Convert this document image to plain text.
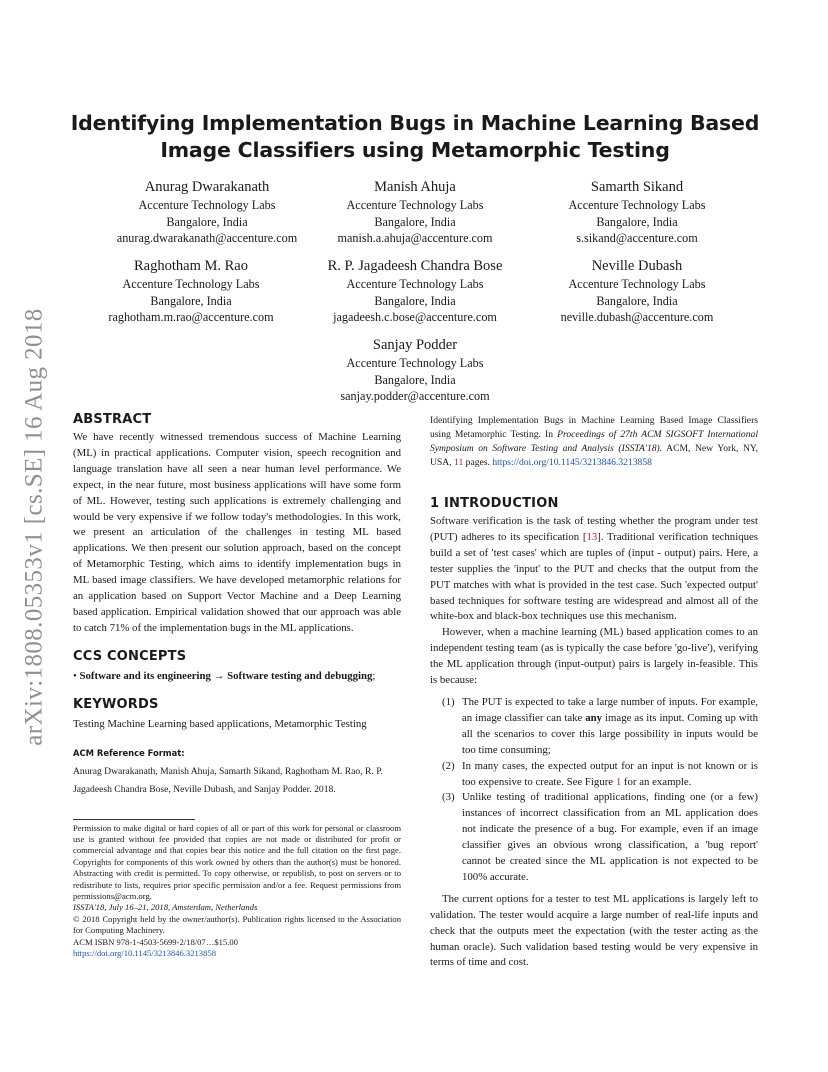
arXiv:1808.05353v1 [cs.SE] 16 Aug 2018
Identifying Implementation Bugs in Machine Learning Based
Image Classifiers using Metamorphic Testing
Anurag Dwarakanath
Accenture Technology Labs
Bangalore, India
anurag.dwarakanath@accenture.com
Manish Ahuja
Accenture Technology Labs
Bangalore, India
manish.a.ahuja@accenture.com
Samarth Sikand
Accenture Technology Labs
Bangalore, India
s.sikand@accenture.com
Raghotham M. Rao
Accenture Technology Labs
Bangalore, India
raghotham.m.rao@accenture.com
R. P. Jagadeesh Chandra Bose
Accenture Technology Labs
Bangalore, India
jagadeesh.c.bose@accenture.com
Neville Dubash
Accenture Technology Labs
Bangalore, India
neville.dubash@accenture.com
Sanjay Podder
Accenture Technology Labs
Bangalore, India
sanjay.podder@accenture.com
ABSTRACT

We have recently witnessed tremendous success of Machine Learning (ML) in practical applications. Computer vision, speech recognition and language translation have all seen a near human level performance. We expect, in the near future, most business applications will have some form of ML. However, testing such applications is extremely challenging and would be very expensive if we follow today's methodologies. In this work, we present an articulation of the challenges in testing ML based applications. We then present our solution approach, based on the concept of Metamorphic Testing, which aims to identify implementation bugs in ML based image classifiers. We have developed metamorphic relations for an application based on Support Vector Machine and a Deep Learning based application. Empirical validation showed that our approach was able to catch 71% of the implementation bugs in the ML applications.

CCS CONCEPTS

• Software and its engineering → Software testing and debugging;

KEYWORDS

Testing Machine Learning based applications, Metamorphic Testing

ACM Reference Format:
Anurag Dwarakanath, Manish Ahuja, Samarth Sikand, Raghotham M. Rao, R. P. Jagadeesh Chandra Bose, Neville Dubash, and Sanjay Podder. 2018.

Permission to make digital or hard copies of all or part of this work for personal or classroom use is granted without fee provided that copies are not made or distributed for profit or commercial advantage and that copies bear this notice and the full citation on the first page. Copyrights for components of this work owned by others than the author(s) must be honored. Abstracting with credit is permitted. To copy otherwise, or republish, to post on servers or to redistribute to lists, requires prior specific permission and/or a fee. Request permissions from permissions@acm.org.
ISSTA'18, July 16–21, 2018, Amsterdam, Netherlands
© 2018 Copyright held by the owner/author(s). Publication rights licensed to the Association for Computing Machinery.
ACM ISBN 978-1-4503-5699-2/18/07…$15.00
https://doi.org/10.1145/3213846.3213858

Identifying Implementation Bugs in Machine Learning Based Image Classifiers using Metamorphic Testing. In Proceedings of 27th ACM SIGSOFT International Symposium on Software Testing and Analysis (ISSTA'18). ACM, New York, NY, USA, 11 pages. https://doi.org/10.1145/3213846.3213858

1 INTRODUCTION

Software verification is the task of testing whether the program under test (PUT) adheres to its specification [13]. Traditional verification techniques build a set of 'test cases' which are tuples of (input - output) pairs. Here, a tester supplies the 'input' to the PUT and checks that the output from the PUT matches with what is provided in the test case. Such 'expected output' based techniques for software testing are widespread and almost all of the white-box and black-box techniques use this mechanism.

However, when a machine learning (ML) based application comes to an independent testing team (as is typically the case before 'go-live'), verifying the ML application through (input-output) pairs is largely in-feasible. This is because:

(1) The PUT is expected to take a large number of inputs. For example, an image classifier can take any image as its input. Coming up with all the scenarios to cover this large possibility in inputs would be too time consuming;
(2) In many cases, the expected output for an input is not known or is too expensive to create. See Figure 1 for an example.
(3) Unlike testing of traditional applications, finding one (or a few) instances of incorrect classification from an ML application does not indicate the presence of a bug. For example, even if an image classifier gives an obvious wrong classification, a 'bug report' cannot be created since the ML application is not expected to be 100% accurate.

The current options for a tester to test ML applications is largely left to validation. The tester would acquire a large number of real-life inputs and check that the outputs meet the expectation (with the tester acting as the human oracle). Such validation based testing would be very expensive in terms of time and cost.
